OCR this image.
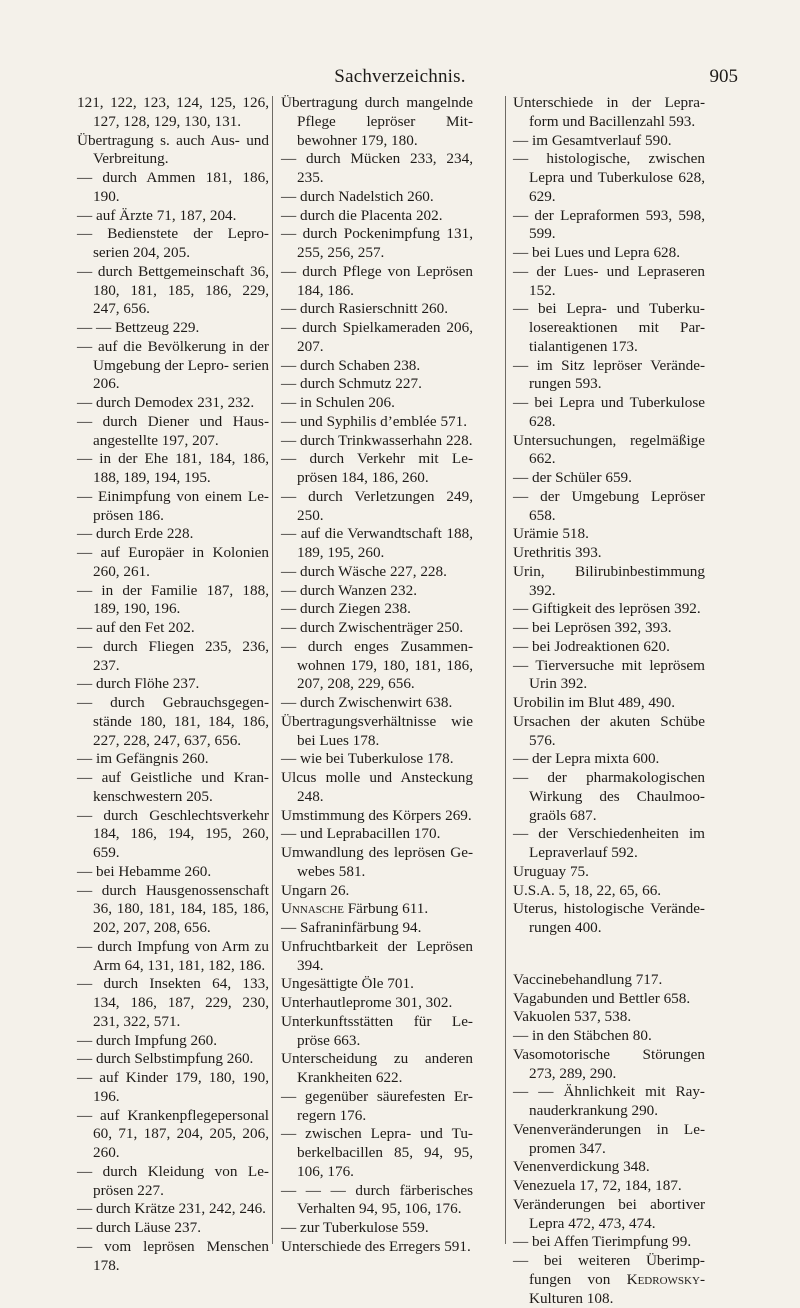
Sachverzeichnis.	905
121, 122, 123, 124, 125, 126, 127, 128, 129, 130, 131.
Übertragung s. auch Aus- und Verbreitung.
— durch Ammen 181, 186, 190.
— auf Ärzte 71, 187, 204.
— Bedienstete der Lepro- serien 204, 205.
— durch Bettgemeinschaft 36, 180, 181, 185, 186, 229, 247, 656.
— — Bettzeug 229.
— auf die Bevölkerung in der Umgebung der Lepro- serien 206.
— durch Demodex 231, 232.
— durch Diener und Haus- angestellte 197, 207.
— in der Ehe 181, 184, 186, 188, 189, 194, 195.
— Einimpfung von einem Le- prösen 186.
— durch Erde 228.
— auf Europäer in Kolonien 260, 261.
— in der Familie 187, 188, 189, 190, 196.
— auf den Fet 202.
— durch Fliegen 235, 236, 237.
— durch Flöhe 237.
— durch Gebrauchsgegen- stände 180, 181, 184, 186, 227, 228, 247, 637, 656.
— im Gefängnis 260.
— auf Geistliche und Kran- kenschwestern 205.
— durch Geschlechtsverkehr 184, 186, 194, 195, 260, 659.
— bei Hebamme 260.
— durch Hausgenossenschaft 36, 180, 181, 184, 185, 186, 202, 207, 208, 656.
— durch Impfung von Arm zu Arm 64, 131, 181, 182, 186.
— durch Insekten 64, 133, 134, 186, 187, 229, 230, 231, 322, 571.
— durch Impfung 260.
— durch Selbstimpfung 260.
— auf Kinder 179, 180, 190, 196.
— auf Krankenpflegepersonal 60, 71, 187, 204, 205, 206, 260.
— durch Kleidung von Le- prösen 227.
— durch Krätze 231, 242, 246.
— durch Läuse 237.
— vom leprösen Menschen 178.
Übertragung durch mangelnde Pflege lepröser Mit- bewohner 179, 180.
— durch Mücken 233, 234, 235.
— durch Nadelstich 260.
— durch die Placenta 202.
— durch Pockenimpfung 131, 255, 256, 257.
— durch Pflege von Leprösen 184, 186.
— durch Rasierschnitt 260.
— durch Spielkameraden 206, 207.
— durch Schaben 238.
— durch Schmutz 227.
— in Schulen 206.
— und Syphilis d’emblée 571.
— durch Trinkwasserhahn 228.
— durch Verkehr mit Le- prösen 184, 186, 260.
— durch Verletzungen 249, 250.
— auf die Verwandtschaft 188, 189, 195, 260.
— durch Wäsche 227, 228.
— durch Wanzen 232.
— durch Ziegen 238.
— durch Zwischenträger 250.
— durch enges Zusammen- wohnen 179, 180, 181, 186, 207, 208, 229, 656.
— durch Zwischenwirt 638.
Übertragungsverhältnisse wie bei Lues 178.
— wie bei Tuberkulose 178.
Ulcus molle und Ansteckung 248.
Umstimmung des Körpers 269.
— und Leprabacillen 170.
Umwandlung des leprösen Ge- webes 581.
Ungarn 26.
Unnasche Färbung 611.
— Safraninfärbung 94.
Unfruchtbarkeit der Leprösen 394.
Ungesättigte Öle 701.
Unterhautleprome 301, 302.
Unterkunftsstätten für Le- pröse 663.
Unterscheidung zu anderen Krankheiten 622.
— gegenüber säurefesten Er- regern 176.
— zwischen Lepra- und Tu- berkelbacillen 85, 94, 95, 106, 176.
— — — durch färberisches Verhalten 94, 95, 106, 176.
— zur Tuberkulose 559.
Unterschiede des Erregers 591.
Unterschiede in der Lepra- form und Bacillenzahl 593.
— im Gesamtverlauf 590.
— histologische, zwischen Lepra und Tuberkulose 628, 629.
— der Lepraformen 593, 598, 599.
— bei Lues und Lepra 628.
— der Lues- und Lepraseren 152.
— bei Lepra- und Tuberku- losereaktionen mit Par- tialantigenen 173.
— im Sitz lepröser Verände- rungen 593.
— bei Lepra und Tuberkulose 628.
Untersuchungen, regelmäßige 662.
— der Schüler 659.
— der Umgebung Lepröser 658.
Urämie 518.
Urethritis 393.
Urin, Bilirubinbestimmung 392.
— Giftigkeit des leprösen 392.
— bei Leprösen 392, 393.
— bei Jodreaktionen 620.
— Tierversuche mit leprösem Urin 392.
Urobilin im Blut 489, 490.
Ursachen der akuten Schübe 576.
— der Lepra mixta 600.
— der pharmakologischen Wirkung des Chaulmoo- graöls 687.
— der Verschiedenheiten im Lepraverlauf 592.
Uruguay 75.
U.S.A. 5, 18, 22, 65, 66.
Uterus, histologische Verände- rungen 400.
Vaccinebehandlung 717.
Vagabunden und Bettler 658.
Vakuolen 537, 538.
— in den Stäbchen 80.
Vasomotorische Störungen 273, 289, 290.
— — Ähnlichkeit mit Ray- nauderkrankung 290.
Venenveränderungen in Le- promen 347.
Venenverdickung 348.
Venezuela 17, 72, 184, 187.
Veränderungen bei abortiver Lepra 472, 473, 474.
— bei Affen Tierimpfung 99.
— bei weiteren Überimp- fungen von Kedrowsky- Kulturen 108.
